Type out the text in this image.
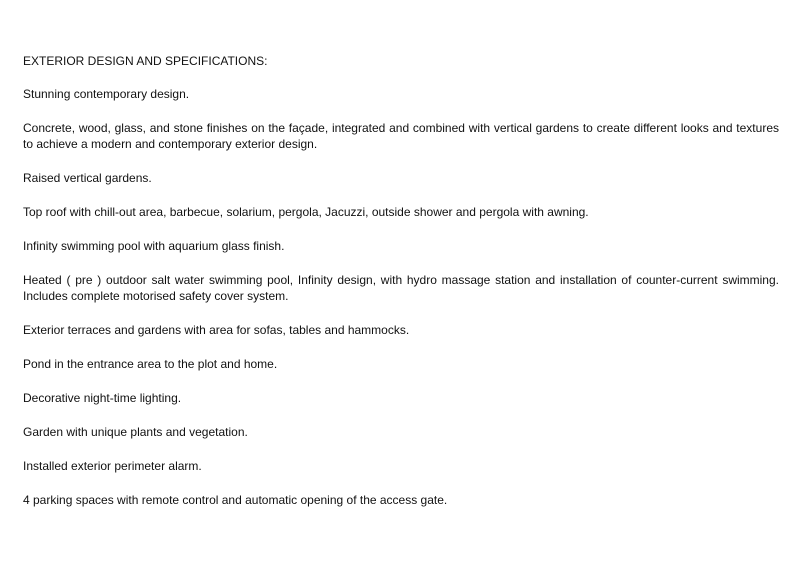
EXTERIOR DESIGN AND SPECIFICATIONS:

Stunning contemporary design.

Concrete, wood, glass, and stone finishes on the façade, integrated and combined with vertical gardens to create different looks and textures to achieve a modern and contemporary exterior design.

Raised vertical gardens.

Top roof with chill-out area, barbecue, solarium, pergola, Jacuzzi, outside shower and pergola with awning.

Infinity swimming pool with aquarium glass finish.

Heated ( pre ) outdoor salt water swimming pool, Infinity design, with hydro massage station and installation of counter-current swimming. Includes complete motorised safety cover system.

Exterior terraces and gardens with area for sofas, tables and hammocks.

Pond in the entrance area to the plot and home.

Decorative night-time lighting.

Garden with unique plants and vegetation.

Installed exterior perimeter alarm.

4 parking spaces with remote control and automatic opening of the access gate.
